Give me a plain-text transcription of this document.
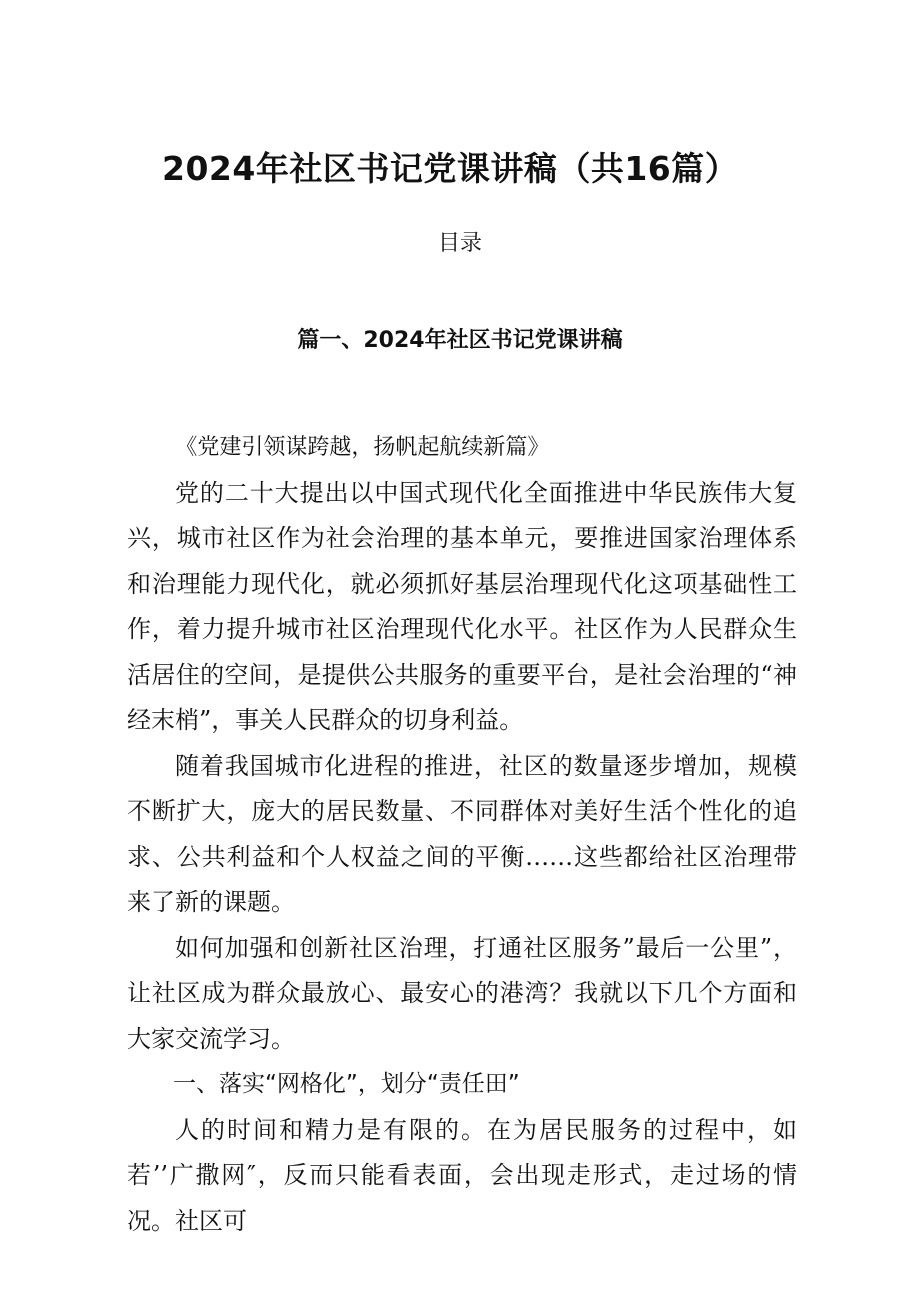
2024年社区书记党课讲稿（共16篇）
目录
篇一、2024年社区书记党课讲稿

《党建引领谋跨越，扬帆起航续新篇》

党的二十大提出以中国式现代化全面推进中华民族伟大复兴，城市社区作为社会治理的基本单元，要推进国家治理体系和治理能力现代化，就必须抓好基层治理现代化这项基础性工作，着力提升城市社区治理现代化水平。社区作为人民群众生活居住的空间，是提供公共服务的重要平台，是社会治理的“神经末梢”，事关人民群众的切身利益。

随着我国城市化进程的推进，社区的数量逐步增加，规模不断扩大，庞大的居民数量、不同群体对美好生活个性化的追求、公共利益和个人权益之间的平衡……这些都给社区治理带来了新的课题。

如何加强和创新社区治理，打通社区服务”最后一公里”，让社区成为群众最放心、最安心的港湾？我就以下几个方面和大家交流学习。

一、落实“网格化”，划分“责任田”

人的时间和精力是有限的。在为居民服务的过程中，如若’’广撒网″，反而只能看表面，会出现走形式，走过场的情况。社区可
